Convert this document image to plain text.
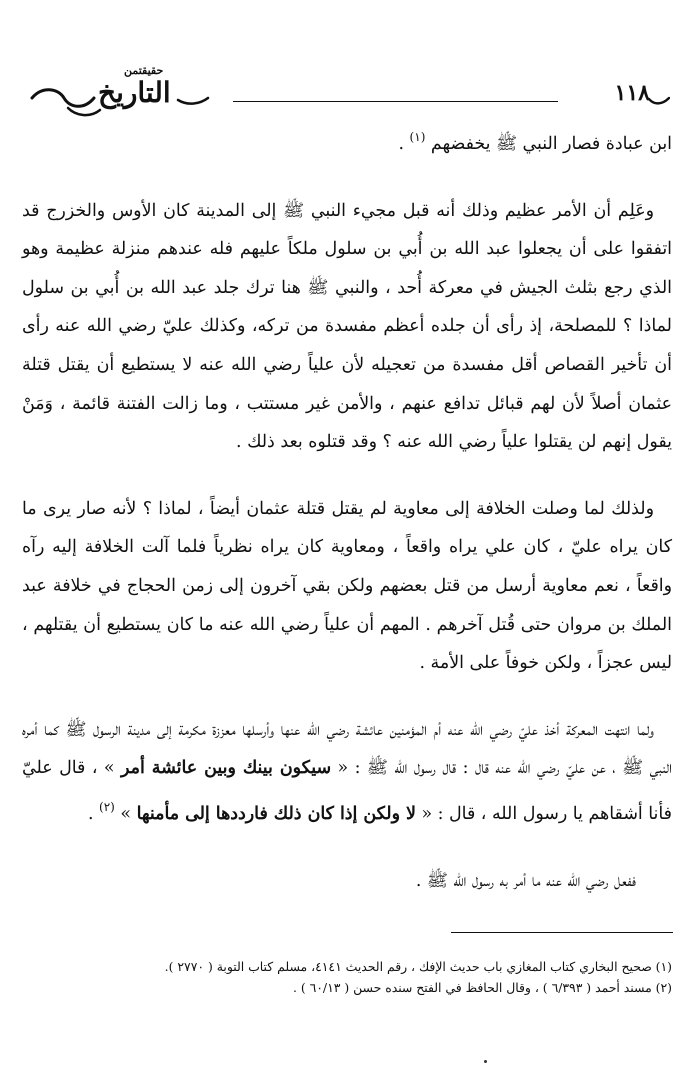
حقيقتمن
التاريخ	١١٨

ابن عبادة فصار النبي ﷺ يخفضهم $^{(١)}$ .

وعَلِم أن الأمر عظيم وذلك أنه قبل مجيء النبي ﷺ إلى المدينة كان الأوس والخزرج قد اتفقوا على أن يجعلوا عبد الله بن أُبي بن سلول ملكاً عليهم فله عندهم منزلة عظيمة وهو الذي رجع بثلث الجيش في معركة أُحد ، والنبي ﷺ هنا ترك جلد عبد الله بن أُبي بن سلول لماذا ؟ للمصلحة، إذ رأى أن جلده أعظم مفسدة من تركه، وكذلك عليّ رضي الله عنه رأى أن تأخير القصاص أقل مفسدة من تعجيله لأن علياً رضي الله عنه لا يستطيع أن يقتل قتلة عثمان أصلاً لأن لهم قبائل تدافع عنهم ، والأمن غير مستتب ، وما زالت الفتنة قائمة ، وَمَنْ يقول إنهم لن يقتلوا علياً رضي الله عنه ؟ وقد قتلوه بعد ذلك .

ولذلك لما وصلت الخلافة إلى معاوية لم يقتل قتلة عثمان أيضاً ، لماذا ؟ لأنه صار يرى ما كان يراه عليّ ، كان علي يراه واقعاً ، ومعاوية كان يراه نظرياً فلما آلت الخلافة إليه رآه واقعاً ، نعم معاوية أرسل من قتل بعضهم ولكن بقي آخرون إلى زمن الحجاج في خلافة عبد الملك بن مروان حتى قُتل آخرهم . المهم أن علياً رضي الله عنه ما كان يستطيع أن يقتلهم ، ليس عجزاً ، ولكن خوفاً على الأمة .

ولما انتهت المعركة أخذ عليّ رضي الله عنه أم المؤمنين عائشة رضي الله عنها وأرسلها معززة مكرمة إلى مدينة الرسول ﷺ كما أمره النبي ﷺ ، عن عليّ رضي الله عنه قال : قال رسول الله ﷺ : « سيكون بينك وبين عائشة أمر » ، قال عليّ فأنا أشقاهم يا رسول الله ، قال : « لا ولكن إذا كان ذلك فارددها إلى مأمنها » $^{(٢)}$ .

ففعل رضي الله عنه ما أمر به رسول الله ﷺ .

(١) صحيح البخاري كتاب المغازي باب حديث الإفك ، رقم الحديث ٤١٤١، مسلم كتاب التوبة ( ٢٧٧٠ ).

(٢) مسند أحمد ( ٦/٣٩٣ ) ، وقال الحافظ في الفتح سنده حسن ( ٦٠/١٣ ) .
